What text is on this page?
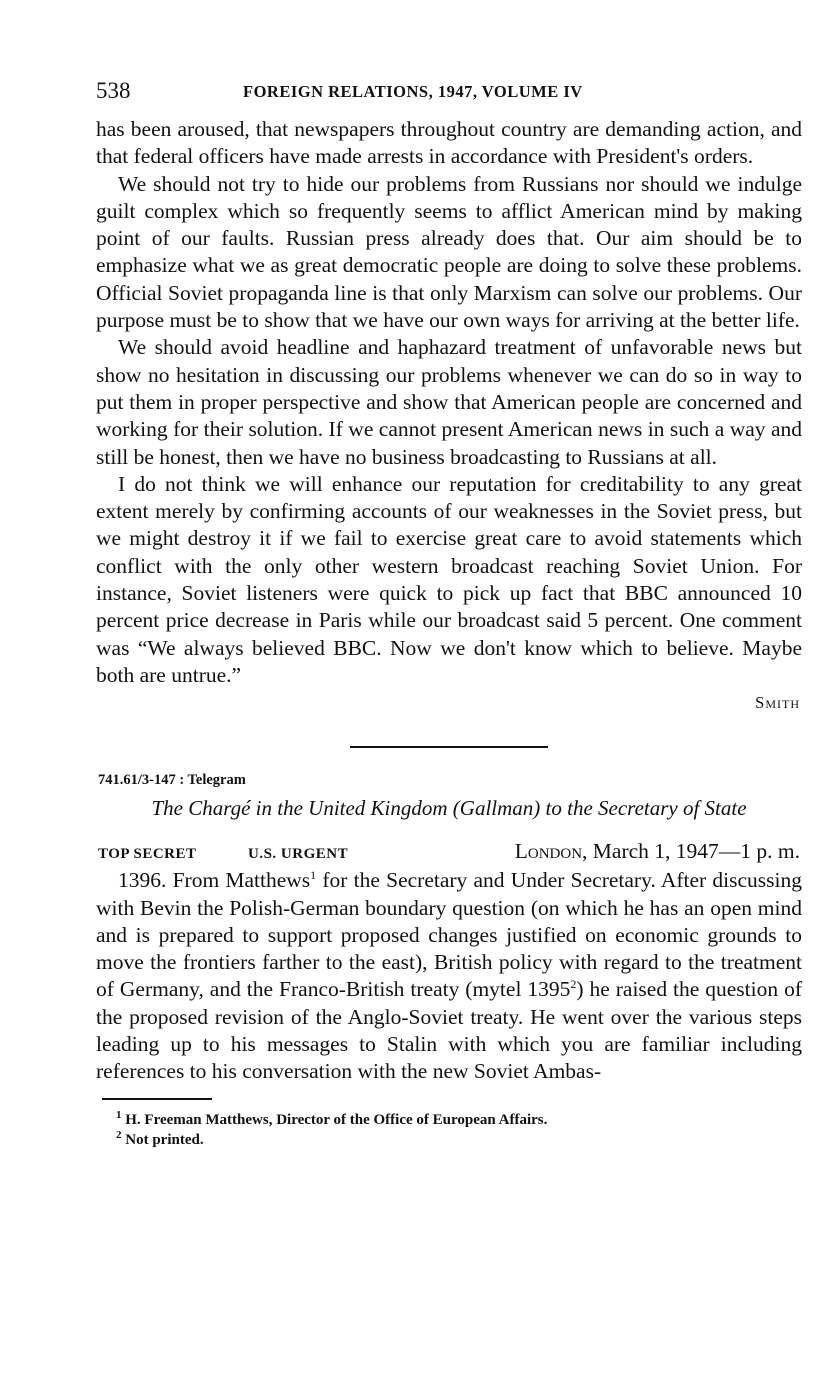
538	FOREIGN RELATIONS, 1947, VOLUME IV

has been aroused, that newspapers throughout country are demanding action, and that federal officers have made arrests in accordance with President's orders.

We should not try to hide our problems from Russians nor should we indulge guilt complex which so frequently seems to afflict American mind by making point of our faults. Russian press already does that. Our aim should be to emphasize what we as great democratic people are doing to solve these problems. Official Soviet propaganda line is that only Marxism can solve our problems. Our purpose must be to show that we have our own ways for arriving at the better life.

We should avoid headline and haphazard treatment of unfavorable news but show no hesitation in discussing our problems whenever we can do so in way to put them in proper perspective and show that American people are concerned and working for their solution. If we cannot present American news in such a way and still be honest, then we have no business broadcasting to Russians at all.

I do not think we will enhance our reputation for creditability to any great extent merely by confirming accounts of our weaknesses in the Soviet press, but we might destroy it if we fail to exercise great care to avoid statements which conflict with the only other western broadcast reaching Soviet Union. For instance, Soviet listeners were quick to pick up fact that BBC announced 10 percent price decrease in Paris while our broadcast said 5 percent. One comment was “We always believed BBC. Now we don't know which to believe. Maybe both are untrue.”

Smith
741.61/3-147 : Telegram
The Chargé in the United Kingdom (Gallman) to the Secretary of State
TOP SECRET	U.S. URGENT	London, March 1, 1947—1 p. m.

1396. From Matthews$^1$ for the Secretary and Under Secretary. After discussing with Bevin the Polish-German boundary question (on which he has an open mind and is prepared to support proposed changes justified on economic grounds to move the frontiers farther to the east), British policy with regard to the treatment of Germany, and the Franco-British treaty (mytel 1395$^2$) he raised the question of the proposed revision of the Anglo-Soviet treaty. He went over the various steps leading up to his messages to Stalin with which you are familiar including references to his conversation with the new Soviet Ambas-

$^1$ H. Freeman Matthews, Director of the Office of European Affairs.
$^2$ Not printed.
